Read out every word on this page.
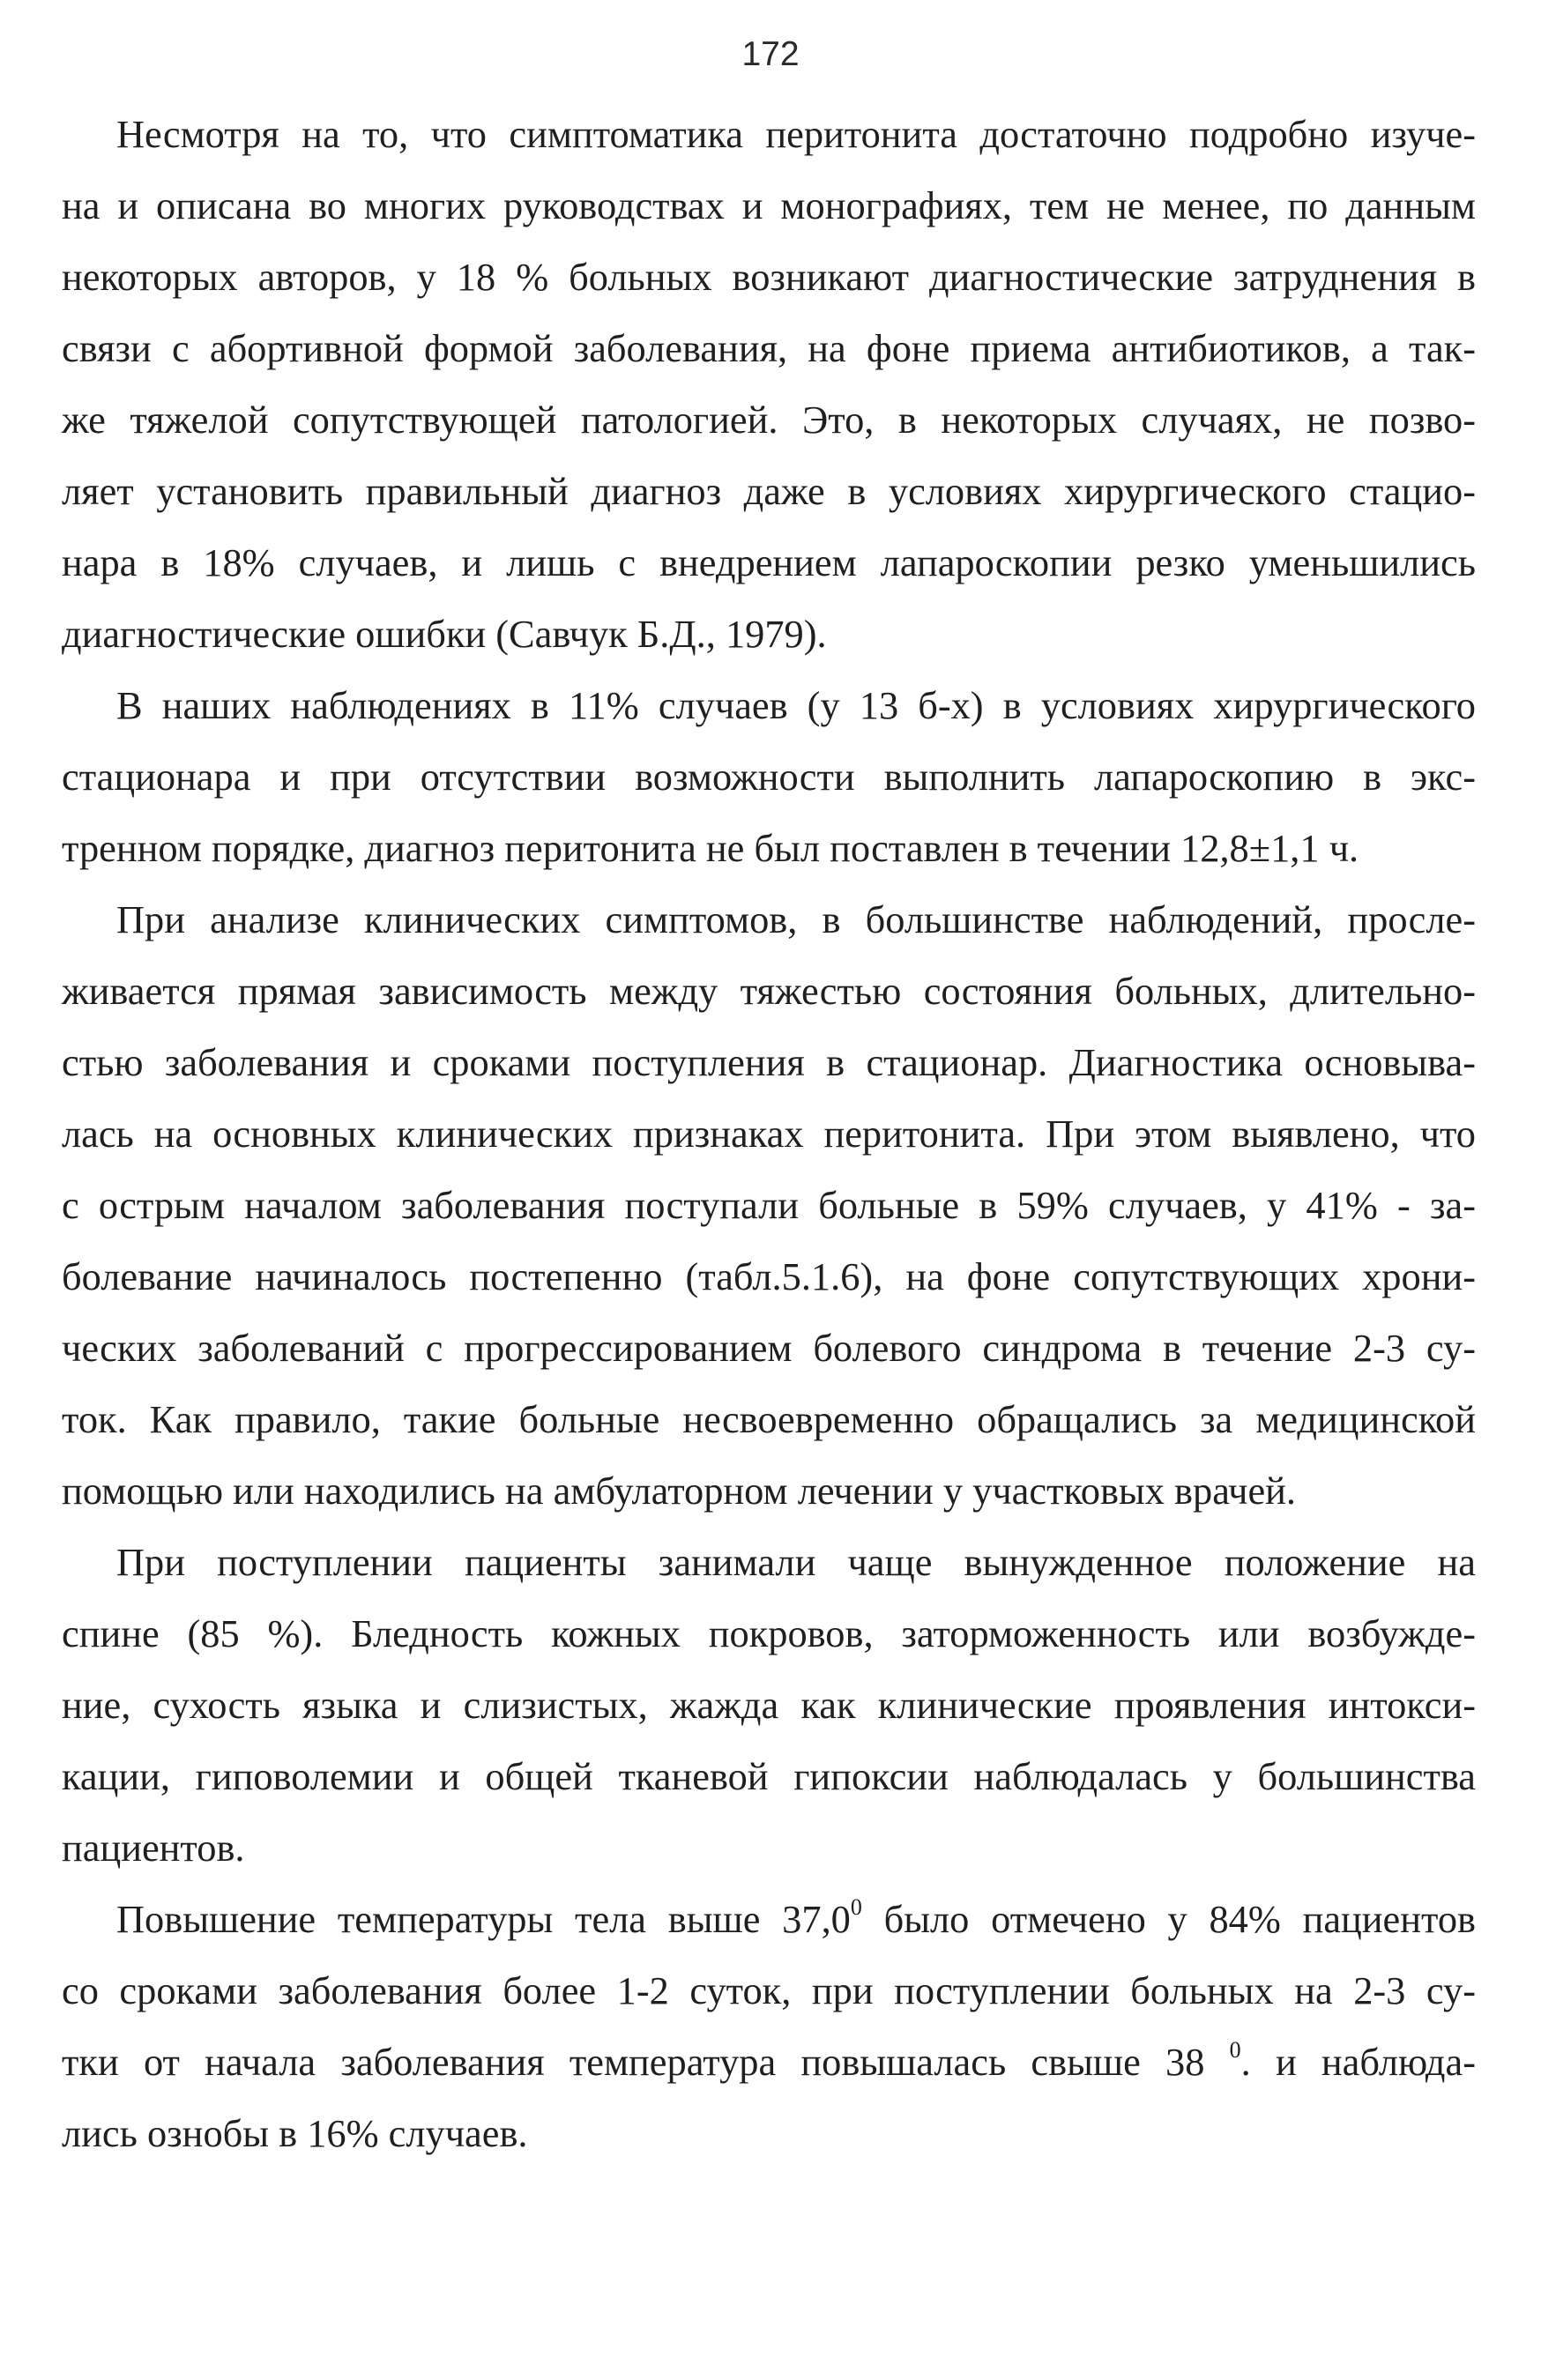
172
Несмотря на то, что симптоматика перитонита достаточно подробно изуче-
на и описана во многих руководствах и монографиях, тем не менее, по данным
некоторых авторов, у 18 % больных возникают диагностические затруднения в
связи с абортивной формой заболевания, на фоне приема антибиотиков, а так-
же тяжелой сопутствующей патологией. Это, в некоторых случаях, не позво-
ляет установить правильный диагноз даже в условиях хирургического стацио-
нара в 18% случаев, и лишь с внедрением лапароскопии резко уменьшились
диагностические ошибки (Савчук Б.Д., 1979).
В наших наблюдениях в 11% случаев (у 13 б-х) в условиях хирургического
стационара и при отсутствии возможности выполнить лапароскопию в экс-
тренном порядке, диагноз перитонита не был поставлен в течении 12,8±1,1 ч.
При анализе клинических симптомов, в большинстве наблюдений, просле-
живается прямая зависимость между тяжестью состояния больных, длительно-
стью заболевания и сроками поступления в стационар. Диагностика основыва-
лась на основных клинических признаках перитонита. При этом выявлено, что
с острым началом заболевания поступали больные в 59% случаев, у 41% - за-
болевание начиналось постепенно (табл.5.1.6), на фоне сопутствующих хрони-
ческих заболеваний с прогрессированием болевого синдрома в течение 2-3 су-
ток. Как правило, такие больные несвоевременно обращались за медицинской
помощью или находились на амбулаторном лечении у участковых врачей.
При поступлении пациенты занимали чаще вынужденное положение на
спине (85 %). Бледность кожных покровов, заторможенность или возбужде-
ние, сухость языка и слизистых, жажда как клинические проявления интокси-
кации, гиповолемии и общей тканевой гипоксии наблюдалась у большинства
пациентов.
Повышение температуры тела выше 37,0$^0$ было отмечено у 84% пациентов
со сроками заболевания более 1-2 суток, при поступлении больных на 2-3 су-
тки от начала заболевания температура повышалась свыше 38 $^0$. и наблюда-
лись ознобы в 16% случаев.
